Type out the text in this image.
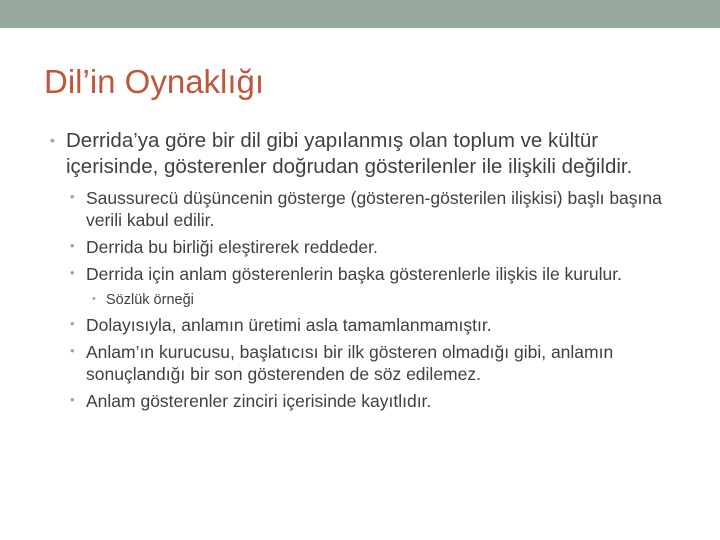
Dil’in Oynaklığı
• Derrida’ya göre bir dil gibi yapılanmış olan toplum ve kültür içerisinde, gösterenler doğrudan gösterilenler ile ilişkili değildir.
• Saussurecü düşüncenin gösterge (gösteren-gösterilen ilişkisi) başlı başına verili kabul edilir.
• Derrida bu birliği eleştirerek reddeder.
• Derrida için anlam gösterenlerin başka gösterenlerle ilişkis ile kurulur.
• Sözlük örneği
• Dolayısıyla, anlamın üretimi asla tamamlanmamıştır.
• Anlam’ın kurucusu, başlatıcısı bir ilk gösteren olmadığı gibi, anlamın sonuçlandığı bir son gösterenden de söz edilemez.
• Anlam gösterenler zinciri içerisinde kayıtlıdır.
